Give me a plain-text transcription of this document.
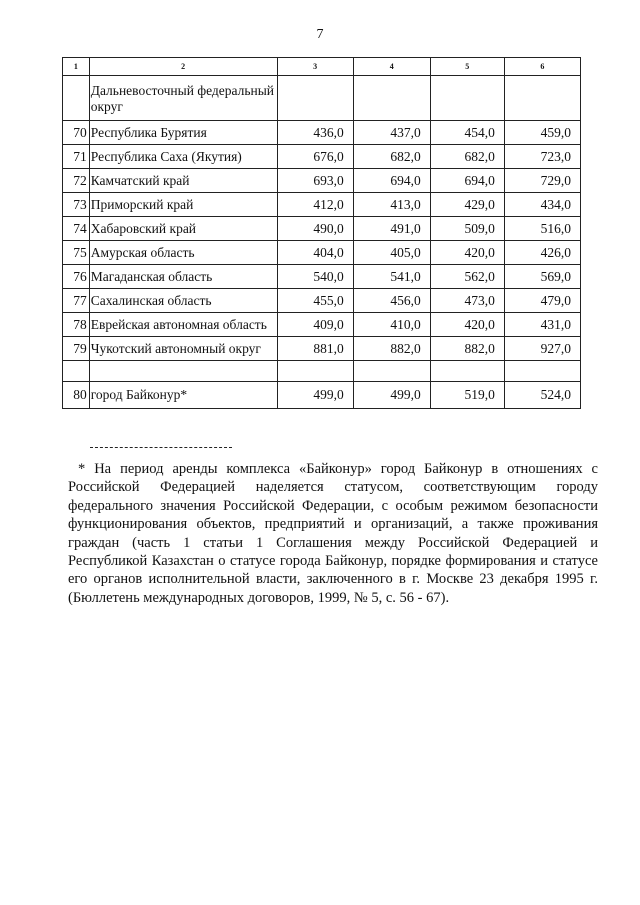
7
1	2	3	4	5	6
	Дальневосточный федеральный округ				
70	Республика Бурятия	436,0	437,0	454,0	459,0
71	Республика Саха (Якутия)	676,0	682,0	682,0	723,0
72	Камчатский край	693,0	694,0	694,0	729,0
73	Приморский край	412,0	413,0	429,0	434,0
74	Хабаровский край	490,0	491,0	509,0	516,0
75	Амурская область	404,0	405,0	420,0	426,0
76	Магаданская область	540,0	541,0	562,0	569,0
77	Сахалинская область	455,0	456,0	473,0	479,0
78	Еврейская автономная область	409,0	410,0	420,0	431,0
79	Чукотский автономный округ	881,0	882,0	882,0	927,0

80	город Байконур*	499,0	499,0	519,0	524,0
* На период аренды комплекса «Байконур» город Байконур в отношениях с
Российской Федерацией наделяется статусом, соответствующим городу
федерального значения Российской Федерации, с особым режимом безопасности
функционирования объектов, предприятий и организаций, а также проживания
граждан (часть 1 статьи 1 Соглашения между Российской Федерацией и
Республикой Казахстан о статусе города Байконур, порядке формирования и статусе
его органов исполнительной власти, заключенного в г. Москве 23 декабря 1995 г.
(Бюллетень международных договоров, 1999, № 5, с. 56 - 67).
